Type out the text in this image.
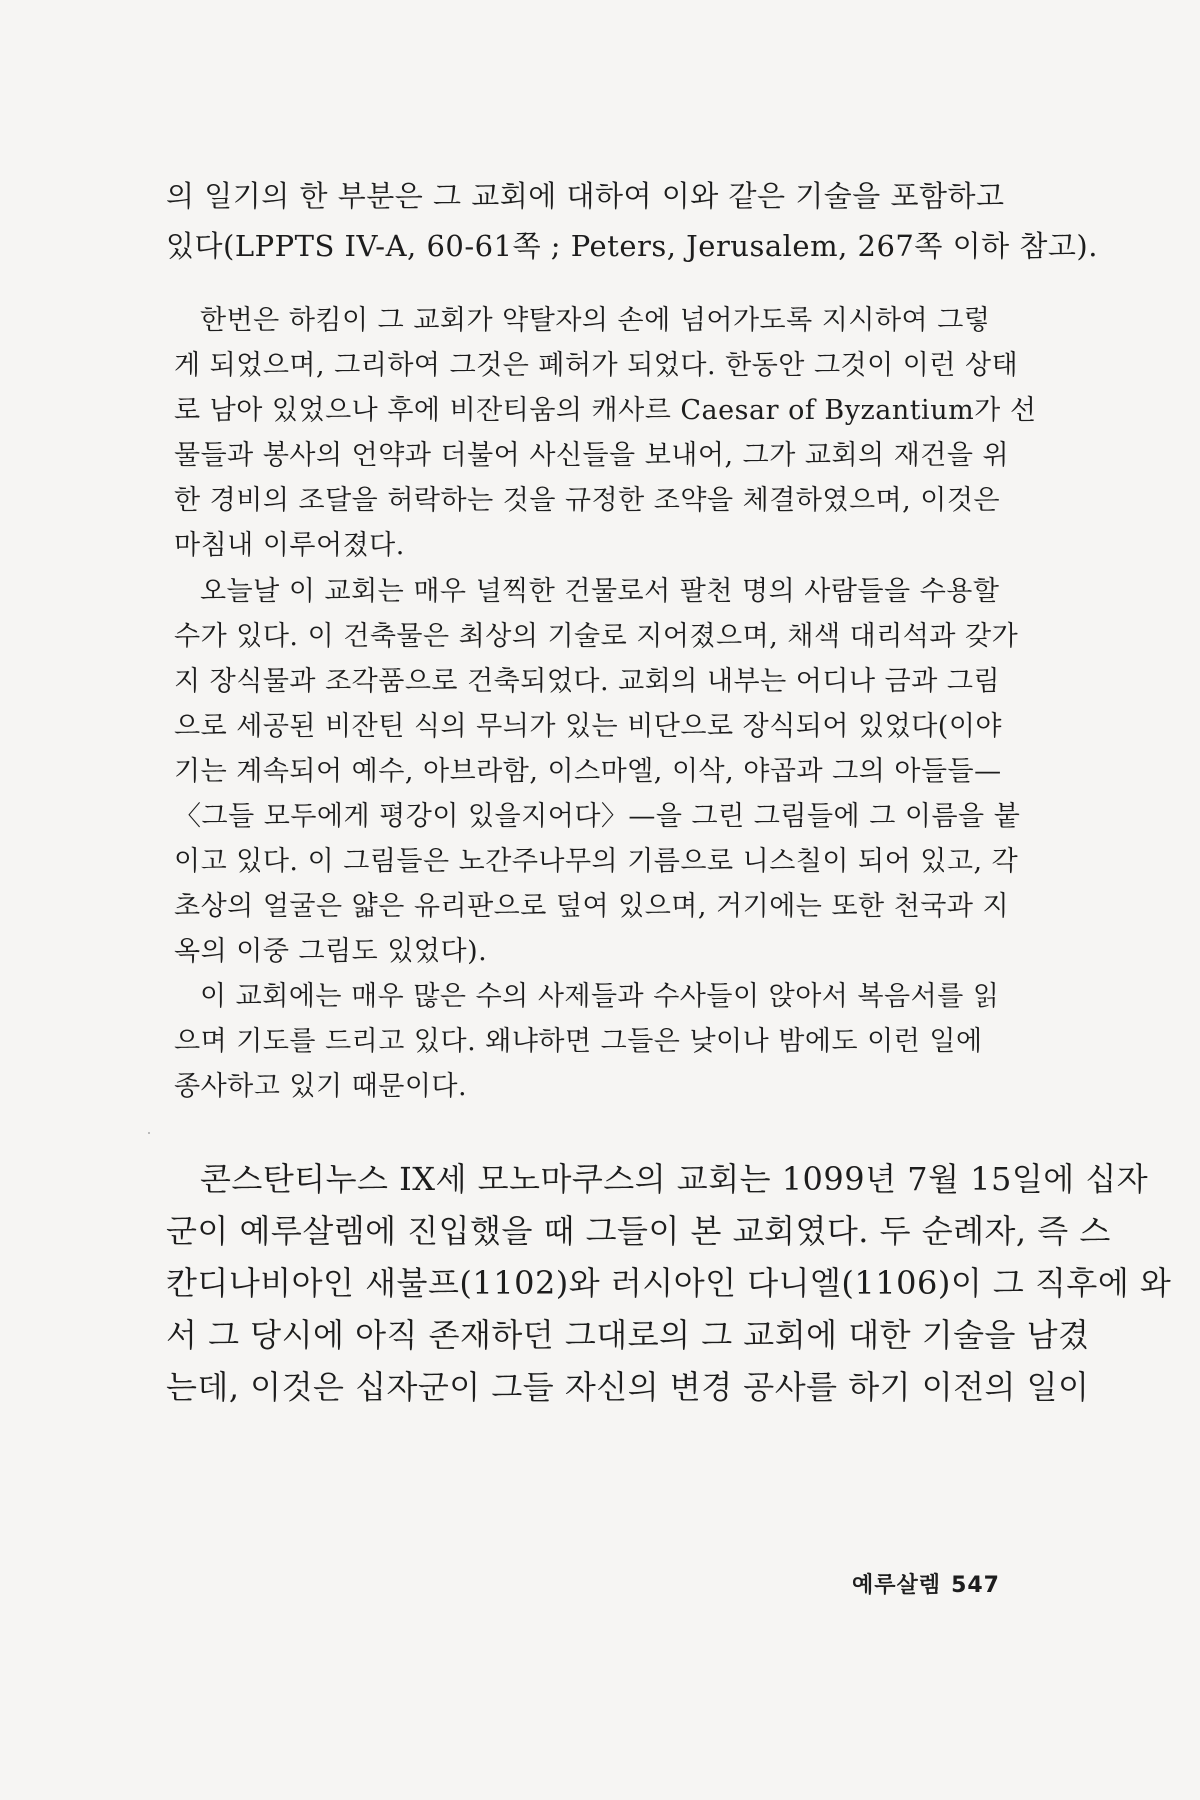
의 일기의 한 부분은 그 교회에 대하여 이와 같은 기술을 포함하고
있다(LPPTS IV-A, 60-61쪽 ; Peters, Jerusalem, 267쪽 이하 참고).
한번은 하킴이 그 교회가 약탈자의 손에 넘어가도록 지시하여 그렇
게 되었으며, 그리하여 그것은 폐허가 되었다. 한동안 그것이 이런 상태
로 남아 있었으나 후에 비잔티움의 캐사르 Caesar of Byzantium가 선
물들과 봉사의 언약과 더불어 사신들을 보내어, 그가 교회의 재건을 위
한 경비의 조달을 허락하는 것을 규정한 조약을 체결하였으며, 이것은
마침내 이루어졌다.
오늘날 이 교회는 매우 널찍한 건물로서 팔천 명의 사람들을 수용할
수가 있다. 이 건축물은 최상의 기술로 지어졌으며, 채색 대리석과 갖가
지 장식물과 조각품으로 건축되었다. 교회의 내부는 어디나 금과 그림
으로 세공된 비잔틴 식의 무늬가 있는 비단으로 장식되어 있었다(이야
기는 계속되어 예수, 아브라함, 이스마엘, 이삭, 야곱과 그의 아들들—
〈그들 모두에게 평강이 있을지어다〉—을 그린 그림들에 그 이름을 붙
이고 있다. 이 그림들은 노간주나무의 기름으로 니스칠이 되어 있고, 각
초상의 얼굴은 얇은 유리판으로 덮여 있으며, 거기에는 또한 천국과 지
옥의 이중 그림도 있었다).
이 교회에는 매우 많은 수의 사제들과 수사들이 앉아서 복음서를 읽
으며 기도를 드리고 있다. 왜냐하면 그들은 낮이나 밤에도 이런 일에
종사하고 있기 때문이다.
콘스탄티누스 IX세 모노마쿠스의 교회는 1099년 7월 15일에 십자
군이 예루살렘에 진입했을 때 그들이 본 교회였다. 두 순례자, 즉 스
칸디나비아인 새불프(1102)와 러시아인 다니엘(1106)이 그 직후에 와
서 그 당시에 아직 존재하던 그대로의 그 교회에 대한 기술을 남겼
는데, 이것은 십자군이 그들 자신의 변경 공사를 하기 이전의 일이
예루살렘 547
